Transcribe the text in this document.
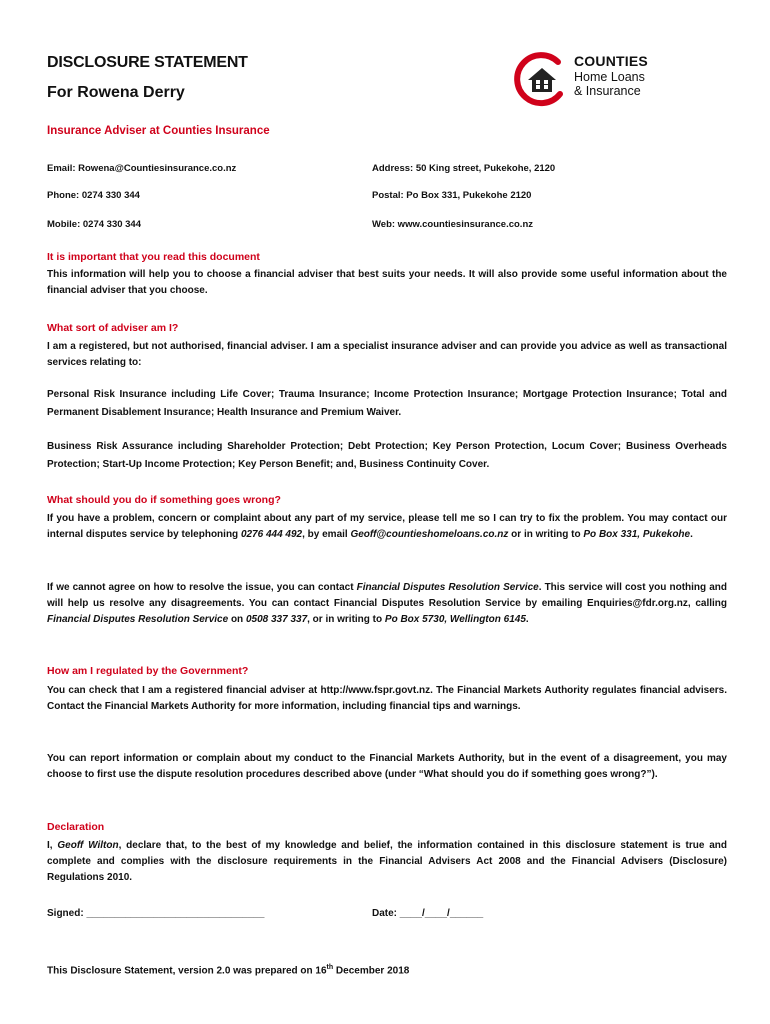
DISCLOSURE STATEMENT
For Rowena Derry
COUNTIES
Home Loans
& Insurance
Insurance Adviser at Counties Insurance
Email: Rowena@Countiesinsurance.co.nz	Address: 50 King street, Pukekohe, 2120
Phone: 0274 330 344	Postal: Po Box 331, Pukekohe 2120
Mobile: 0274 330 344	Web: www.countiesinsurance.co.nz
It is important that you read this document
This information will help you to choose a financial adviser that best suits your needs. It will also provide some useful information about the financial adviser that you choose.
What sort of adviser am I?
I am a registered, but not authorised, financial adviser. I am a specialist insurance adviser and can provide you advice as well as transactional services relating to:
Personal Risk Insurance including Life Cover; Trauma Insurance; Income Protection Insurance; Mortgage Protection Insurance; Total and Permanent Disablement Insurance; Health Insurance and Premium Waiver.
Business Risk Assurance including Shareholder Protection; Debt Protection; Key Person Protection, Locum Cover; Business Overheads Protection; Start-Up Income Protection; Key Person Benefit; and, Business Continuity Cover.
What should you do if something goes wrong?
If you have a problem, concern or complaint about any part of my service, please tell me so I can try to fix the problem. You may contact our internal disputes service by telephoning 0276 444 492, by email Geoff@countieshomeloans.co.nz or in writing to Po Box 331, Pukekohe.
If we cannot agree on how to resolve the issue, you can contact Financial Disputes Resolution Service. This service will cost you nothing and will help us resolve any disagreements. You can contact Financial Disputes Resolution Service by emailing Enquiries@fdr.org.nz, calling Financial Disputes Resolution Service on 0508 337 337, or in writing to Po Box 5730, Wellington 6145.
How am I regulated by the Government?
You can check that I am a registered financial adviser at http://www.fspr.govt.nz. The Financial Markets Authority regulates financial advisers. Contact the Financial Markets Authority for more information, including financial tips and warnings.
You can report information or complain about my conduct to the Financial Markets Authority, but in the event of a disagreement, you may choose to first use the dispute resolution procedures described above (under “What should you do if something goes wrong?”).
Declaration
I, Geoff Wilton, declare that, to the best of my knowledge and belief, the information contained in this disclosure statement is true and complete and complies with the disclosure requirements in the Financial Advisers Act 2008 and the Financial Advisers (Disclosure) Regulations 2010.
Signed: ________________________________	Date: ____/____/______
This Disclosure Statement, version 2.0 was prepared on 16th December 2018
